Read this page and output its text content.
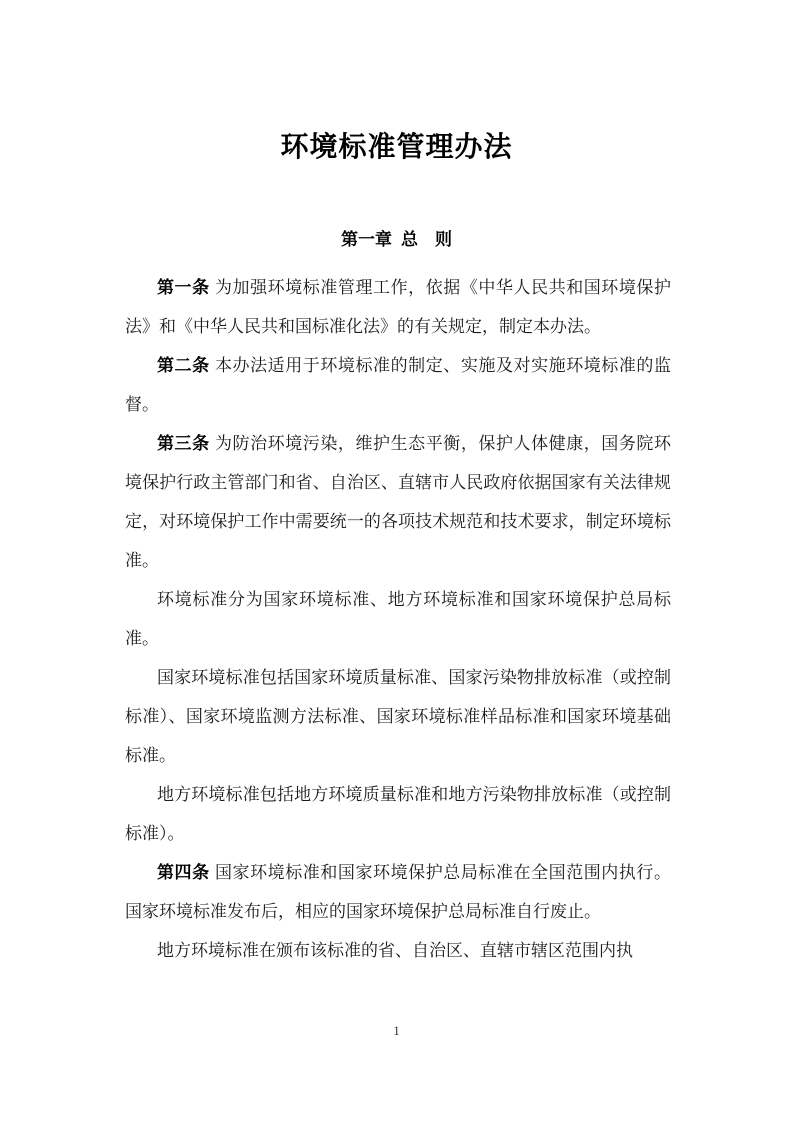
环境标准管理办法
第一章 总　则

第一条 为加强环境标准管理工作，依据《中华人民共和国环境保护法》和《中华人民共和国标准化法》的有关规定，制定本办法。

第二条 本办法适用于环境标准的制定、实施及对实施环境标准的监督。

第三条 为防治环境污染，维护生态平衡，保护人体健康，国务院环境保护行政主管部门和省、自治区、直辖市人民政府依据国家有关法律规定，对环境保护工作中需要统一的各项技术规范和技术要求，制定环境标准。

环境标准分为国家环境标准、地方环境标准和国家环境保护总局标准。

国家环境标准包括国家环境质量标准、国家污染物排放标准（或控制标准）、国家环境监测方法标准、国家环境标准样品标准和国家环境基础标准。

地方环境标准包括地方环境质量标准和地方污染物排放标准（或控制标准）。

第四条 国家环境标准和国家环境保护总局标准在全国范围内执行。国家环境标准发布后，相应的国家环境保护总局标准自行废止。

地方环境标准在颁布该标准的省、自治区、直辖市辖区范围内执

1
